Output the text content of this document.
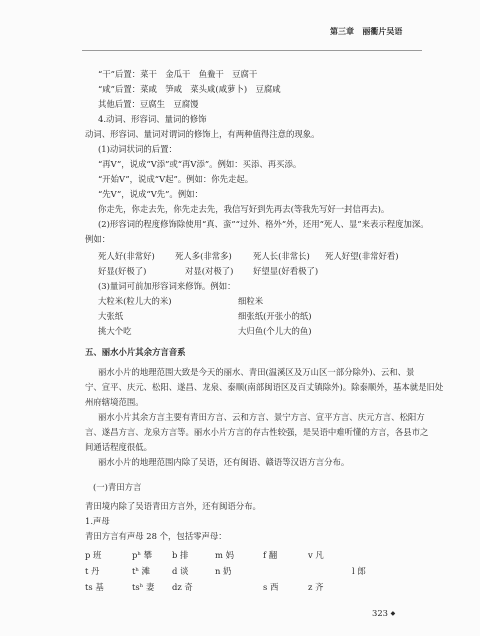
第三章 丽衢片吴语
“干”后置：菜干　金瓜干　鱼鲞干　豆腐干
“咸”后置：菜咸　笋咸　菜头咸(咸萝卜)　豆腐咸
其他后置：豆腐生　豆腐馒
4.动词、形容词、量词的修饰
动词、形容词、量词对谓词的修饰上，有两种值得注意的现象。
(1)动词状词的后置：
“再V”，说成“V添”或“再V添”。例如：买添、再买添。
“开始V”，说成“V起”。例如：你先走起。
“先V”，说成“V先”。例如：
你走先，你走去先，你先走去先，我信写好到先再去(等我先写好一封信再去)。
(2)形容词的程度修饰除使用“真、蛮”“过外、格外”外，还用“死人、显”来表示程度加深。
例如：
死人好(非常好) 死人多(非常多)	死人长(非常长) 死人好望(非常好看)
好显(好极了)	对显(对极了) 好望显(好看极了)
(3)量词可前加形容词来修饰。例如：
大粒米(粒儿大的米)	细粒米
大张纸	细张纸(开张小的纸)
挑大个吃	大归鱼(个儿大的鱼)
五、丽水小片其余方言音系
丽水小片的地理范围大致是今天的丽水、青田(温溪区及万山区一部分除外)、云和、景
宁、宣平、庆元、松阳、遂昌、龙泉、泰顺(南部闽语区及百丈镇除外)。除泰顺外，基本就是旧处
州府辖境范围。
丽水小片其余方言主要有青田方言、云和方言、景宁方言、宣平方言、庆元方言、松阳方
言、遂昌方言、龙泉方言等。丽水小片方言的存古性较强，是吴语中难听懂的方言，各县市之
间通话程度很低。
丽水小片的地理范围内除了吴语，还有闽语、赣语等汉语方言分布。
(一)青田方言
青田境内除了吴语青田方言外，还有闽语分布。
1.声母
青田方言有声母 28 个，包括零声母：
p 班	pʰ 攀 b 排	m 妈	f 翻	v 凡
t 丹	tʰ 滩	d 谈	n 奶	l 郎
ts 基	tsʰ 妻 dz 奇	s 西	z 齐
323 ◆
